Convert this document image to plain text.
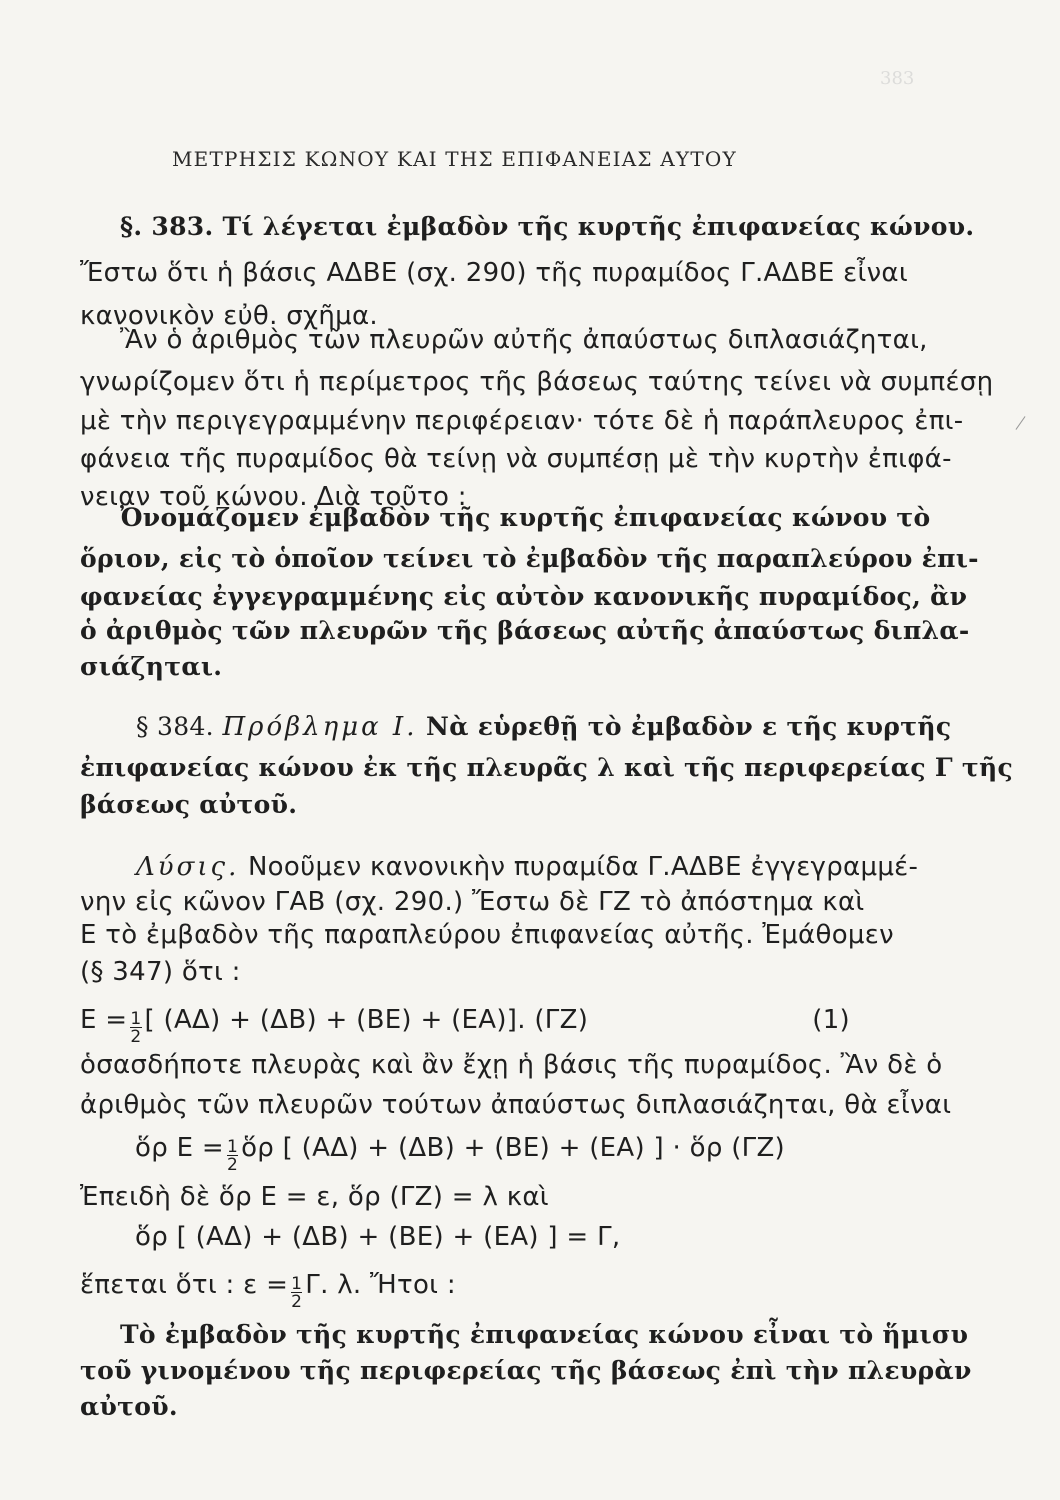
383
ΜΕΤΡΗΣΙΣ ΚΩΝΟΥ ΚΑΙ ΤΗΣ ΕΠΙΦΑΝΕΙΑΣ ΑΥΤΟΥ
§. 383. Τί λέγεται ἐμβαδὸν τῆς κυρτῆς ἐπιφανείας κώνου.
Ἔστω ὅτι ἡ βάσις ΑΔΒΕ (σχ. 290) τῆς πυραμίδος Γ.ΑΔΒΕ εἶναι
κανονικὸν εὐθ. σχῆμα.
Ἂν ὁ ἀριθμὸς τῶν πλευρῶν αὐτῆς ἀπαύστως διπλασιάζηται,
γνωρίζομεν ὅτι ἡ περίμετρος τῆς βάσεως ταύτης τείνει νὰ συμπέσῃ
μὲ τὴν περιγεγραμμένην περιφέρειαν· τότε δὲ ἡ παράπλευρος ἐπι-
φάνεια τῆς πυραμίδος θὰ τείνῃ νὰ συμπέσῃ μὲ τὴν κυρτὴν ἐπιφά-
νειαν τοῦ κώνου. Διὰ τοῦτο :
Ὀνομάζομεν ἐμβαδὸν τῆς κυρτῆς ἐπιφανείας κώνου τὸ
ὅριον, εἰς τὸ ὁποῖον τείνει τὸ ἐμβαδὸν τῆς παραπλεύρου ἐπι-
φανείας ἐγγεγραμμένης εἰς αὐτὸν κανονικῆς πυραμίδος, ἂν
ὁ ἀριθμὸς τῶν πλευρῶν τῆς βάσεως αὐτῆς ἀπαύστως διπλα-
σιάζηται.
§ 384. Πρόβλημα Ι. Νὰ εὑρεθῇ τὸ ἐμβαδὸν ε τῆς κυρτῆς
ἐπιφανείας κώνου ἐκ τῆς πλευρᾶς λ καὶ τῆς περιφερείας Γ τῆς
βάσεως αὐτοῦ.
Λύσις. Νοοῦμεν κανονικὴν πυραμίδα Γ.ΑΔΒΕ ἐγγεγραμμέ-
νην εἰς κῶνον ΓΑΒ (σχ. 290.) Ἔστω δὲ ΓΖ τὸ ἀπόστημα καὶ
Ε τὸ ἐμβαδὸν τῆς παραπλεύρου ἐπιφανείας αὐτῆς. Ἐμάθομεν
(§ 347) ὅτι :
$E = \frac{1}{2}$ [ (ΑΔ) + (ΔΒ) + (ΒΕ) + (ΕΑ)]. (ΓΖ)	(1)
ὁσασδήποτε πλευρὰς καὶ ἂν ἔχῃ ἡ βάσις τῆς πυραμίδος. Ἂν δὲ ὁ
ἀριθμὸς τῶν πλευρῶν τούτων ἀπαύστως διπλασιάζηται, θὰ εἶναι
ὅρ $E = \frac{1}{2}$ ὅρ [ (ΑΔ) + (ΔΒ) + (ΒΕ) + (ΕΑ) ] · ὅρ (ΓΖ)
Ἐπειδὴ δὲ ὅρ Ε = ε, ὅρ (ΓΖ) = λ καὶ
ὅρ [ (ΑΔ) + (ΔΒ) + (ΒΕ) + (ΕΑ) ] = Γ,
ἕπεται ὅτι : $\varepsilon = \frac{1}{2} \Gamma$. λ. Ἤτοι :
Τὸ ἐμβαδὸν τῆς κυρτῆς ἐπιφανείας κώνου εἶναι τὸ ἥμισυ
τοῦ γινομένου τῆς περιφερείας τῆς βάσεως ἐπὶ τὴν πλευρὰν
αὐτοῦ.
